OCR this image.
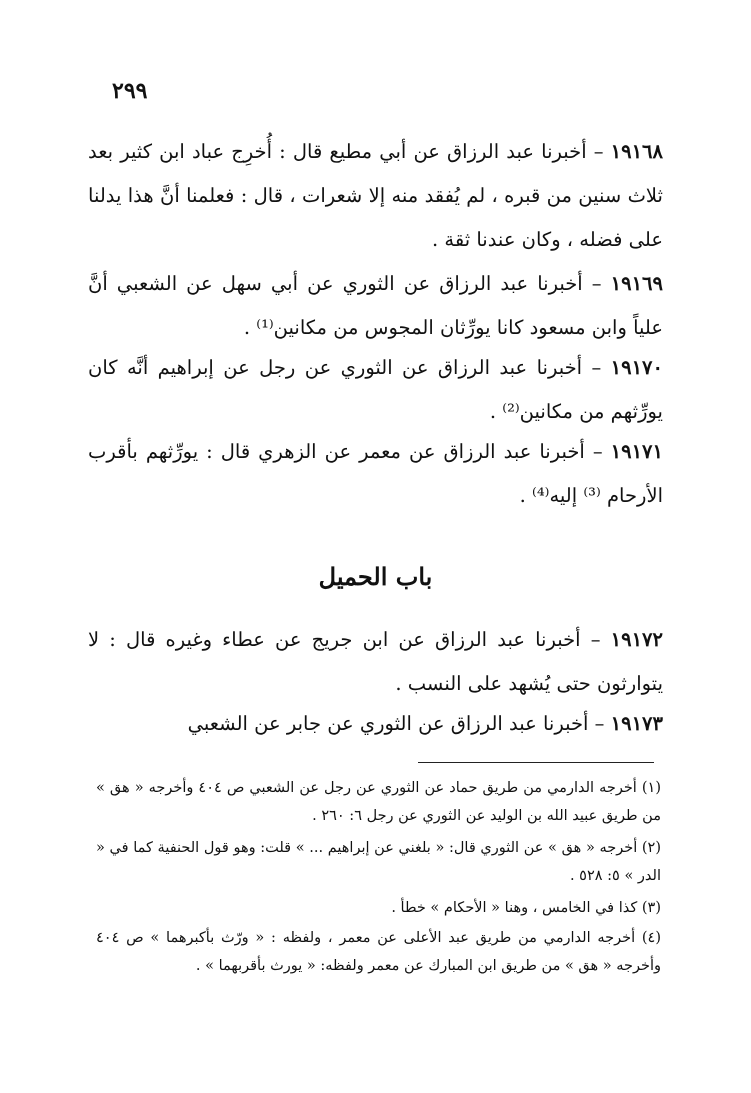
٢٩٩
١٩١٦٨ – أخبرنا عبد الرزاق عن أبي مطيع قال : أُخرِج عباد ابن كثير بعد ثلاث سنين من قبره ، لم يُفقد منه إلا شعرات ، قال : فعلمنا أنَّ هذا يدلنا على فضله ، وكان عندنا ثقة .
١٩١٦٩ – أخبرنا عبد الرزاق عن الثوري عن أبي سهل عن الشعبي أنَّ علياً وابن مسعود كانا يورِّثان المجوس من مكانين⁽¹⁾ .
١٩١٧٠ – أخبرنا عبد الرزاق عن الثوري عن رجل عن إبراهيم أنَّه كان يورِّثهم من مكانين⁽²⁾ .
١٩١٧١ – أخبرنا عبد الرزاق عن معمر عن الزهري قال : يورِّثهم بأقرب الأرحام ⁽³⁾ إليه⁽⁴⁾ .
باب الحميل
١٩١٧٢ – أخبرنا عبد الرزاق عن ابن جريج عن عطاء وغيره قال : لا يتوارثون حتى يُشهد على النسب .
١٩١٧٣ – أخبرنا عبد الرزاق عن الثوري عن جابر عن الشعبي
(١) أخرجه الدارمي من طريق حماد عن الثوري عن رجل عن الشعبي ص ٤٠٤ وأخرجه « هق » من طريق عبيد الله بن الوليد عن الثوري عن رجل ٦: ٢٦٠ .
(٢) أخرجه « هق » عن الثوري قال: « بلغني عن إبراهيم ... » قلت: وهو قول الحنفية كما في « الدر » ٥: ٥٢٨ .
(٣) كذا في الخامس ، وهنا « الأحكام » خطأ .
(٤) أخرجه الدارمي من طريق عبد الأعلى عن معمر ، ولفظه : « ورّث بأكبرهما » ص ٤٠٤ وأخرجه « هق » من طريق ابن المبارك عن معمر ولفظه: « يورث بأقربهما » .
